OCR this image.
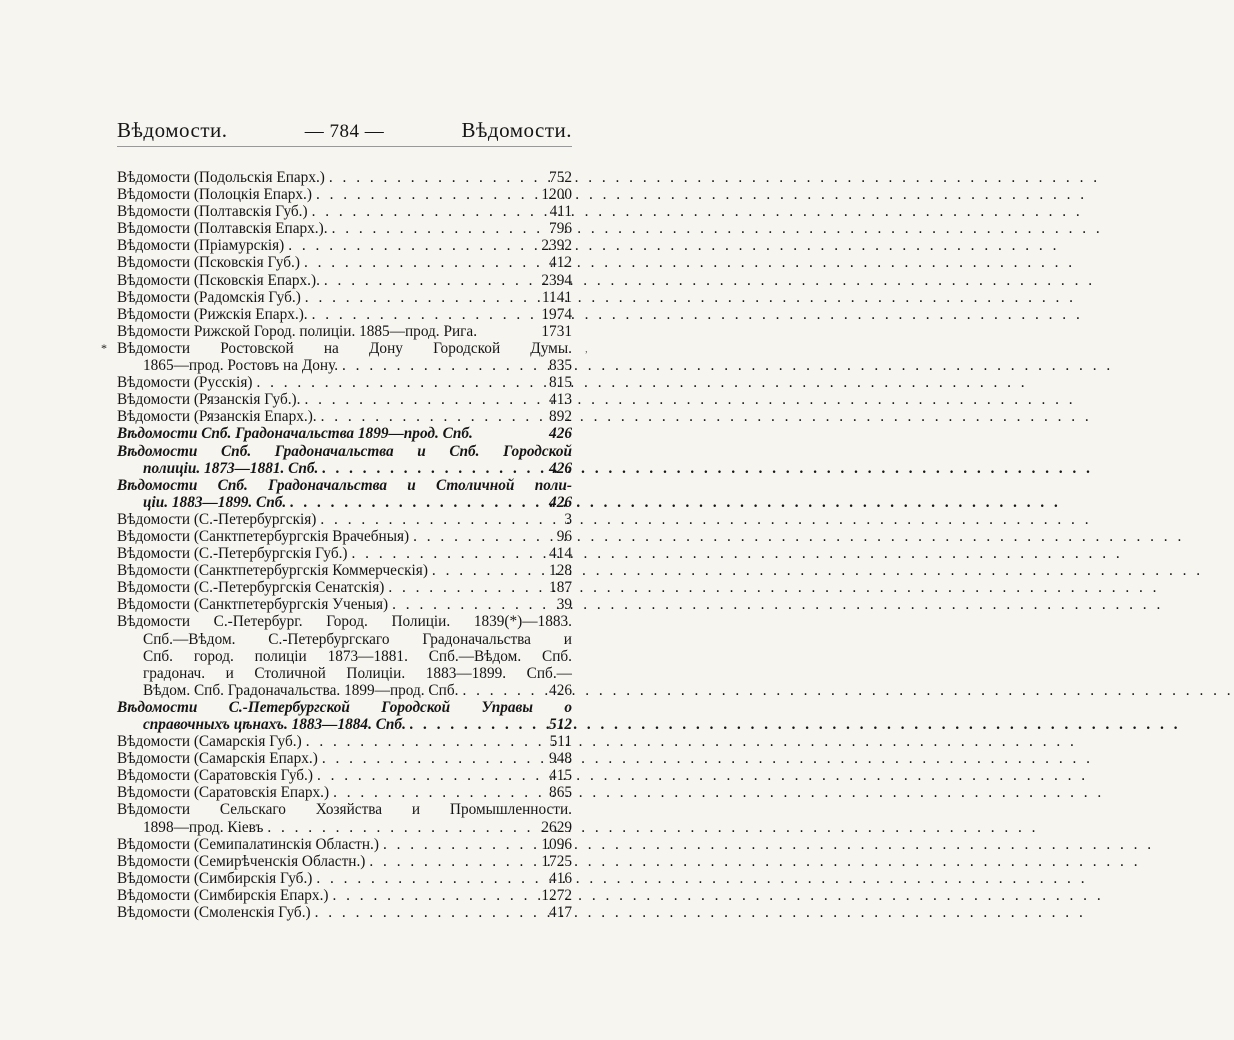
Вѣдомости.	— 784 —	Вѣдомости.
Вѣдомости (Подольскія Епарх.) . . .	752
Вѣдомости (Полоцкія Епарх.) . . .	1200
Вѣдомости (Полтавскія Губ.) . . .	411
Вѣдомости (Полтавскія Епарх.). . . .	796
Вѣдомости (Пріамурскія) . . .	2392
Вѣдомости (Псковскія Губ.) . . .	412
Вѣдомости (Псковскія Епарх.). . . .	2394
Вѣдомости (Радомскія Губ.) . . .	1141
Вѣдомости (Рижскія Епарх.). . . .	1974
Вѣдомости Рижской Город. полиціи. 1885—прод. Рига.	1731
*	‚
Вѣдомости Ростовской на Дону Городской Думы.
1865—прод. Ростовъ на Дону. . . .	835
Вѣдомости (Русскія) . . .	815
Вѣдомости (Рязанскія Губ.). . . .	413
Вѣдомости (Рязанскія Епарх.). . . .	892
Вѣдомости Спб. Градоначальства 1899—прод. Спб.	426
Вѣдомости Спб. Градоначальства и Спб. Городской
полиціи. 1873—1881. Спб. . . .	426
Вѣдомости Спб. Градоначальства и Столичной поли-
ціи. 1883—1899. Спб. . . .	426
Вѣдомости (С.-Петербургскія) . . .	3
Вѣдомости (Санктпетербургскія Врачебныя) . . .	96
Вѣдомости (С.-Петербургскія Губ.) . . .	414
Вѣдомости (Санктпетербургскія Коммерческія) . . .	128
Вѣдомости (С.-Петербургскія Сенатскія) . . .	187
Вѣдомости (Санктпетербургскія Ученыя) . . .	39
Вѣдомости С.-Петербург. Город. Полиціи. 1839(*)—1883.
Спб.—Вѣдом. С.-Петербургскаго Градоначальства и
Спб. город. полиціи 1873—1881. Спб.—Вѣдом. Спб.
градонач. и Столичной Полиціи. 1883—1899. Спб.—
Вѣдом. Спб. Градоначальства. 1899—прод. Спб. . . .	426
Вѣдомости С.-Петербургской Городской Управы о
справочныхъ цѣнахъ. 1883—1884. Спб. . . .	512
Вѣдомости (Самарскія Губ.) . . .	511
Вѣдомости (Самарскія Епарх.) . . .	948
Вѣдомости (Саратовскія Губ.) . . .	415
Вѣдомости (Саратовскія Епарх.) . . .	865
Вѣдомости Сельскаго Хозяйства и Промышленности.
1898—прод. Кіевъ . . .	2629
Вѣдомости (Семипалатинскія Областн.) . . .	1096
Вѣдомости (Семирѣченскія Областн.) . . .	1725
Вѣдомости (Симбирскія Губ.) . . .	416
Вѣдомости (Симбирскія Епарх.) . . .	1272
Вѣдомости (Смоленскія Губ.) . . .	417
